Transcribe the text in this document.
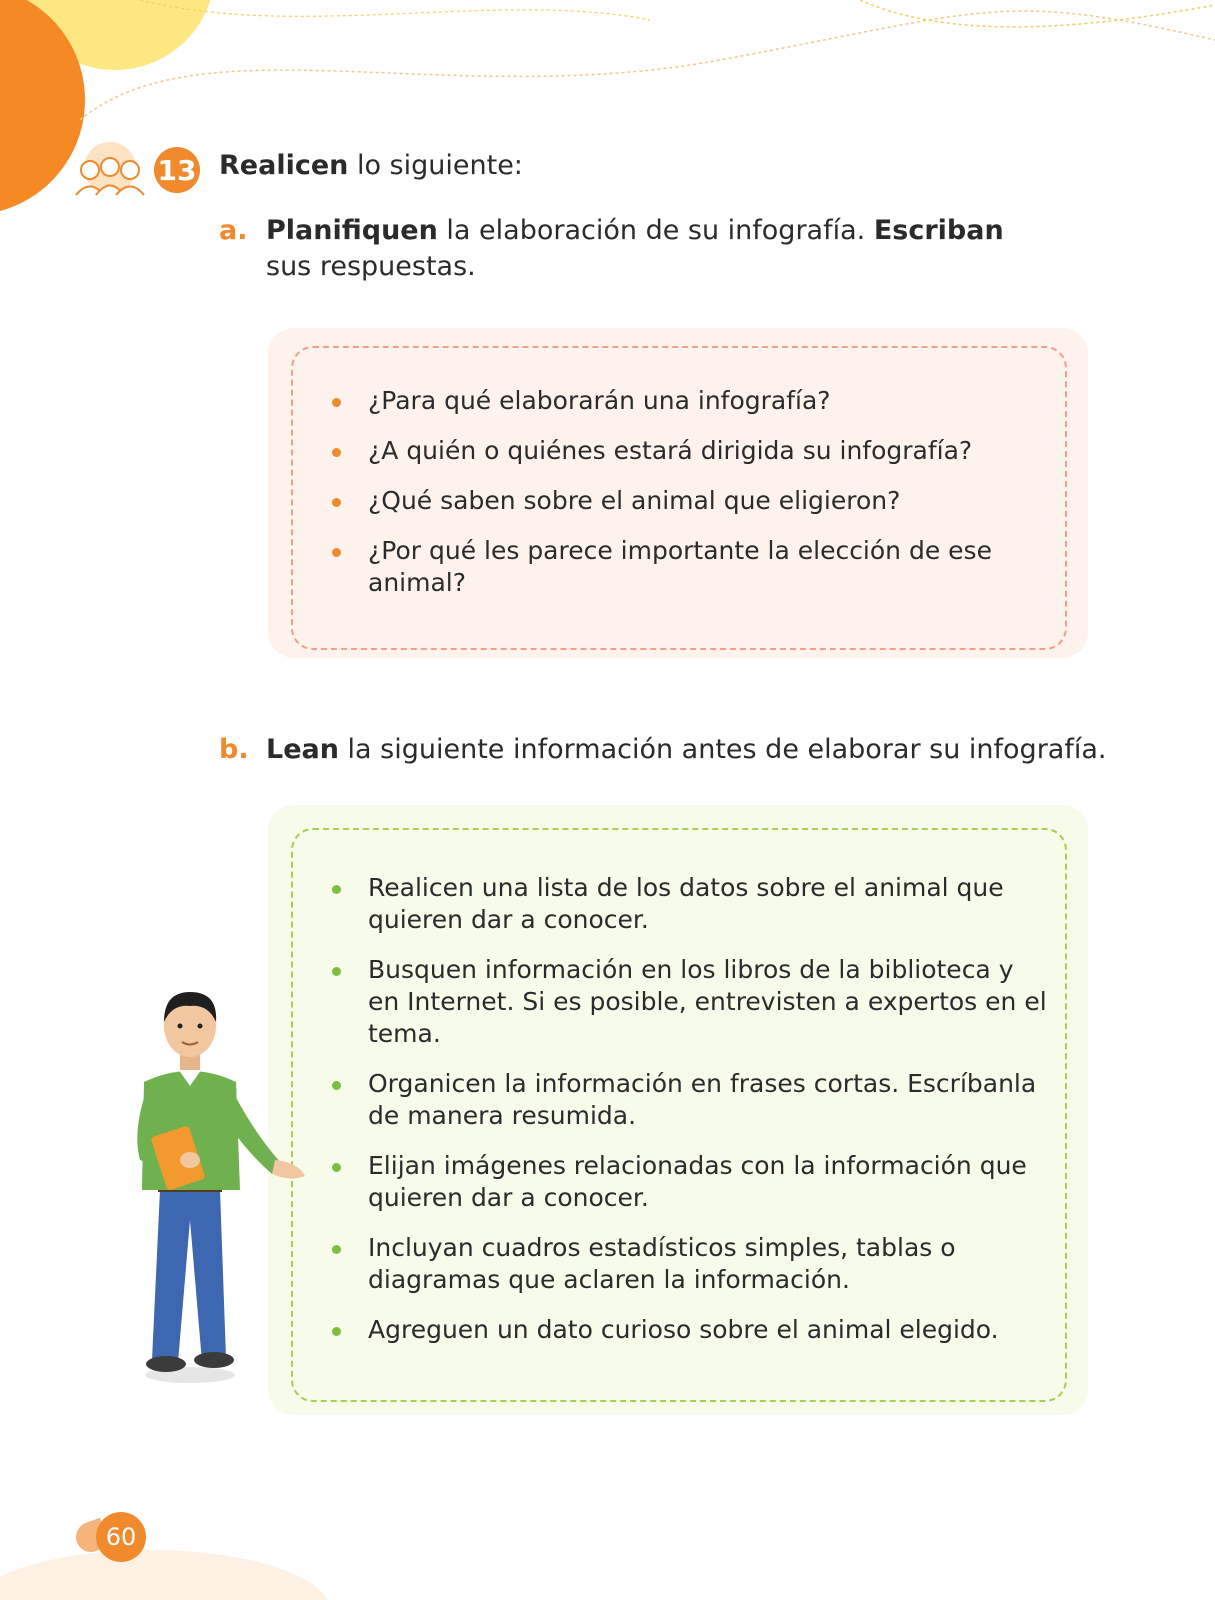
13 Realicen lo siguiente:
a. Planifiquen la elaboración de su infografía. Escriban sus respuestas.
¿Para qué elaborarán una infografía?
¿A quién o quiénes estará dirigida su infografía?
¿Qué saben sobre el animal que eligieron?
¿Por qué les parece importante la elección de ese animal?
b. Lean la siguiente información antes de elaborar su infografía.
Realicen una lista de los datos sobre el animal que quieren dar a conocer.
Busquen información en los libros de la biblioteca y en Internet. Si es posible, entrevisten a expertos en el tema.
Organicen la información en frases cortas. Escríbanla de manera resumida.
Elijan imágenes relacionadas con la información que quieren dar a conocer.
Incluyan cuadros estadísticos simples, tablas o diagramas que aclaren la información.
Agreguen un dato curioso sobre el animal elegido.
60
